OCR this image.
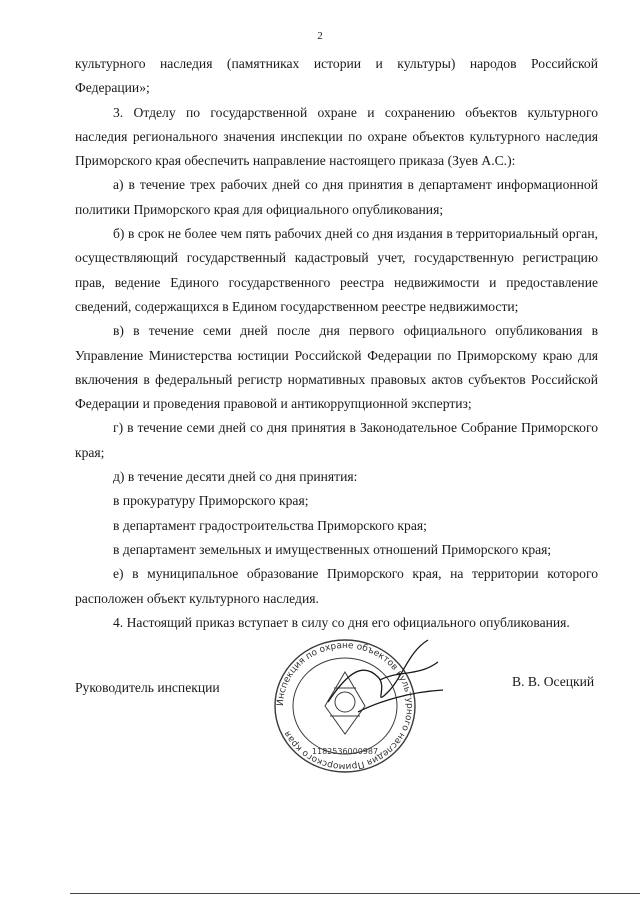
2

культурного наследия (памятниках истории и культуры) народов Российской Федерации»;

3. Отделу по государственной охране и сохранению объектов культурного наследия регионального значения инспекции по охране объектов культурного наследия Приморского края обеспечить направление настоящего приказа (Зуев А.С.):

а) в течение трех рабочих дней со дня принятия в департамент информационной политики Приморского края для официального опубликования;

б) в срок не более чем пять рабочих дней со дня издания в территориальный орган, осуществляющий государственный кадастровый учет, государственную регистрацию прав, ведение Единого государственного реестра недвижимости и предоставление сведений, содержащихся в Едином государственном реестре недвижимости;

в) в течение семи дней после дня первого официального опубликования в Управление Министерства юстиции Российской Федерации по Приморскому краю для включения в федеральный регистр нормативных правовых актов субъектов Российской Федерации и проведения правовой и антикоррупционной экспертиз;

г) в течение семи дней со дня принятия в Законодательное Собрание Приморского края;

д) в течение десяти дней со дня принятия:

в прокуратуру Приморского края;

в департамент градостроительства Приморского края;

в департамент земельных и имущественных отношений Приморского края;

е) в муниципальное образование Приморского края, на территории которого расположен объект культурного наследия.

4. Настоящий приказ вступает в силу со дня его официального опубликования.

Руководитель инспекции	В. В. Осецкий
Инспекция по охране объектов культурного наследия Приморского края
1182536000987
